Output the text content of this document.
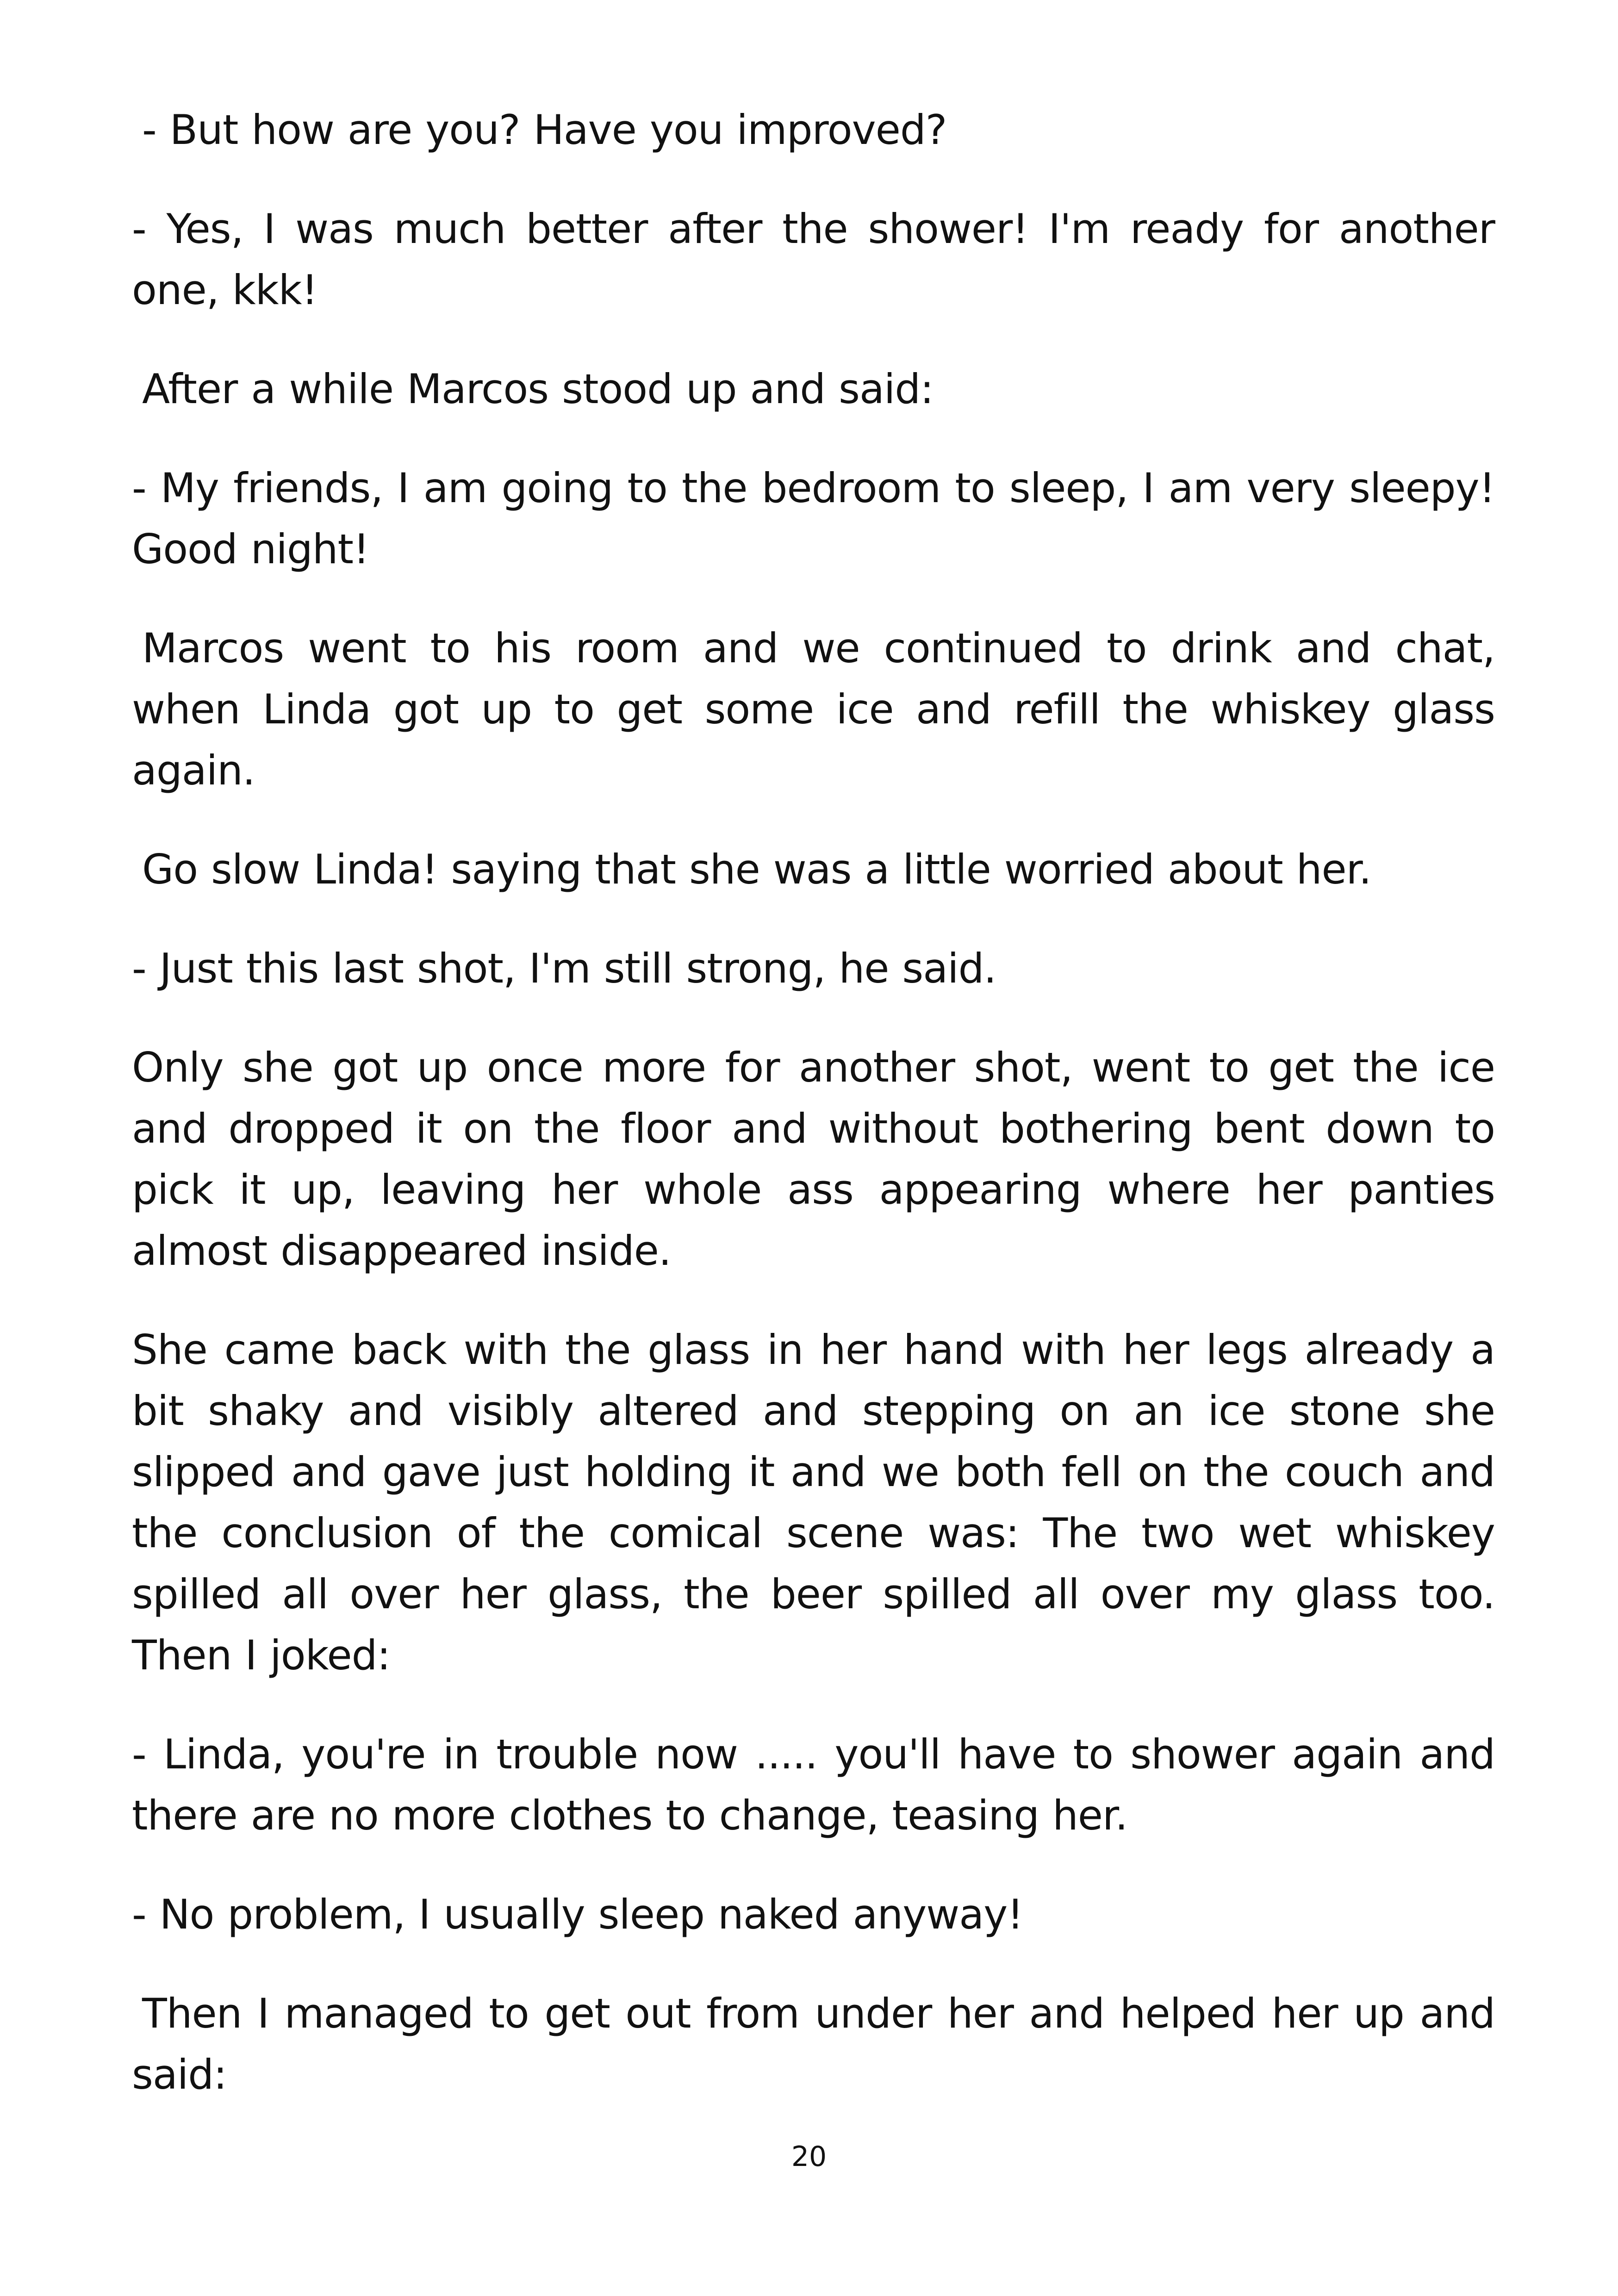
- But how are you? Have you improved?

- Yes, I was much better after the shower! I'm ready for another one, kkk!

After a while Marcos stood up and said:

- My friends, I am going to the bedroom to sleep, I am very sleepy! Good night!

Marcos went to his room and we continued to drink and chat, when Linda got up to get some ice and refill the whiskey glass again.

Go slow Linda! saying that she was a little worried about her.

- Just this last shot, I'm still strong, he said.

Only she got up once more for another shot, went to get the ice and dropped it on the floor and without bothering bent down to pick it up, leaving her whole ass appearing where her panties almost disappeared inside.

She came back with the glass in her hand with her legs already a bit shaky and visibly altered and stepping on an ice stone she slipped and gave just holding it and we both fell on the couch and the conclusion of the comical scene was: The two wet whiskey spilled all over her glass, the beer spilled all over my glass too. Then I joked:

- Linda, you're in trouble now ..... you'll have to shower again and there are no more clothes to change, teasing her.

- No problem, I usually sleep naked anyway!

Then I managed to get out from under her and helped her up and said:

20
